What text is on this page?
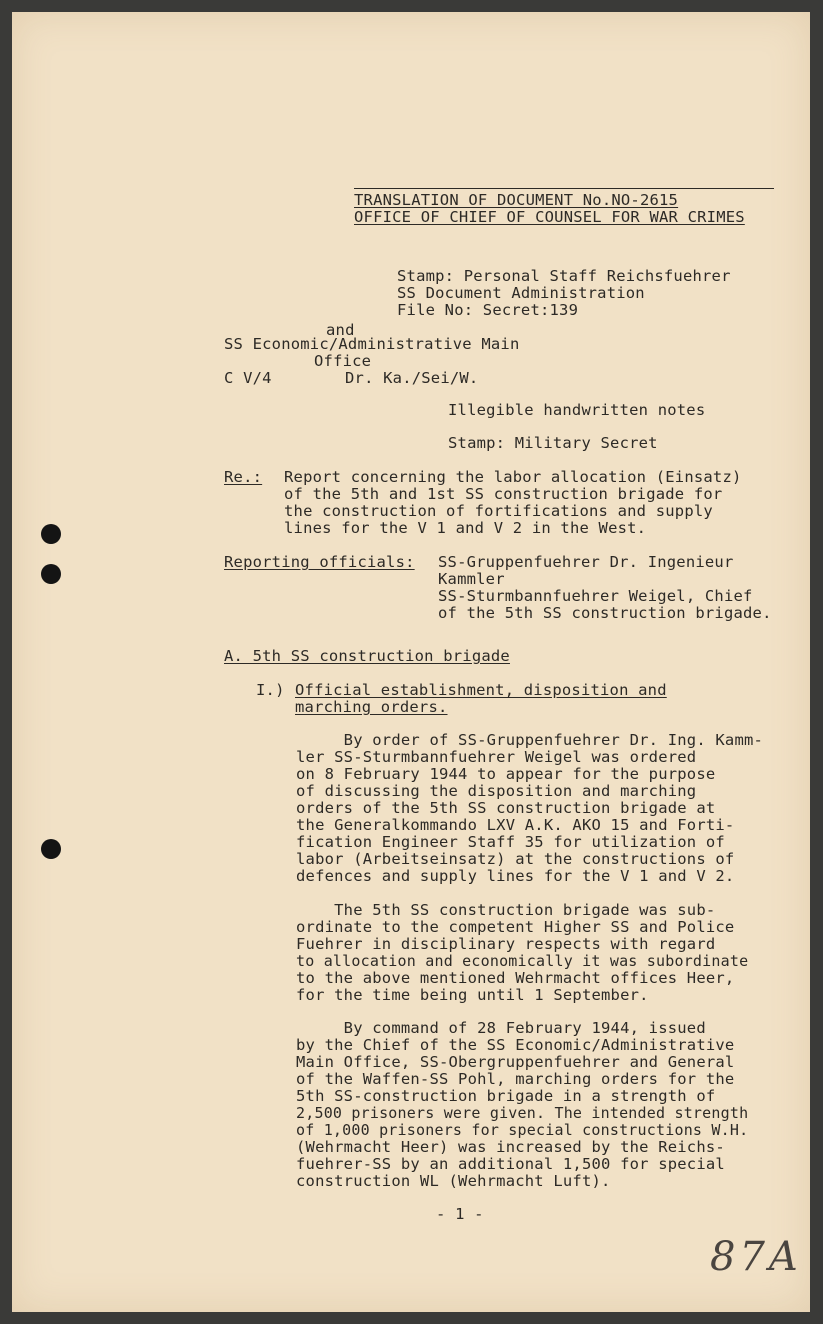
TRANSLATION OF DOCUMENT No.NO-2615
OFFICE OF CHIEF OF COUNSEL FOR WAR CRIMES
Stamp: Personal Staff Reichsfuehrer
SS Document Administration
File No: Secret:139
and
SS Economic/Administrative Main
Office
C V/4	Dr. Ka./Sei/W.
Illegible handwritten notes
Stamp: Military Secret
Re.: Report concerning the labor allocation (Einsatz)
of the 5th and 1st SS construction brigade for
the construction of fortifications and supply
lines for the V 1 and V 2 in the West.
Reporting officials: SS-Gruppenfuehrer Dr. Ingenieur
Kammler
SS-Sturmbannfuehrer Weigel, Chief
of the 5th SS construction brigade.
A. 5th SS construction brigade
I.) Official establishment, disposition and
marching orders.
By order of SS-Gruppenfuehrer Dr. Ing. Kamm-
ler SS-Sturmbannfuehrer Weigel was ordered
on 8 February 1944 to appear for the purpose
of discussing the disposition and marching
orders of the 5th SS construction brigade at
the Generalkommando LXV A.K. AKO 15 and Forti-
fication Engineer Staff 35 for utilization of
labor (Arbeitseinsatz) at the constructions of
defences and supply lines for the V 1 and V 2.
The 5th SS construction brigade was sub-
ordinate to the competent Higher SS and Police
Fuehrer in disciplinary respects with regard
to allocation and economically it was subordinate
to the above mentioned Wehrmacht offices Heer,
for the time being until 1 September.
By command of 28 February 1944, issued
by the Chief of the SS Economic/Administrative
Main Office, SS-Obergruppenfuehrer and General
of the Waffen-SS Pohl, marching orders for the
5th SS-construction brigade in a strength of
2,500 prisoners were given. The intended strength
of 1,000 prisoners for special constructions W.H.
(Wehrmacht Heer) was increased by the Reichs-
fuehrer-SS by an additional 1,500 for special
construction WL (Wehrmacht Luft).
- 1 -
87A
